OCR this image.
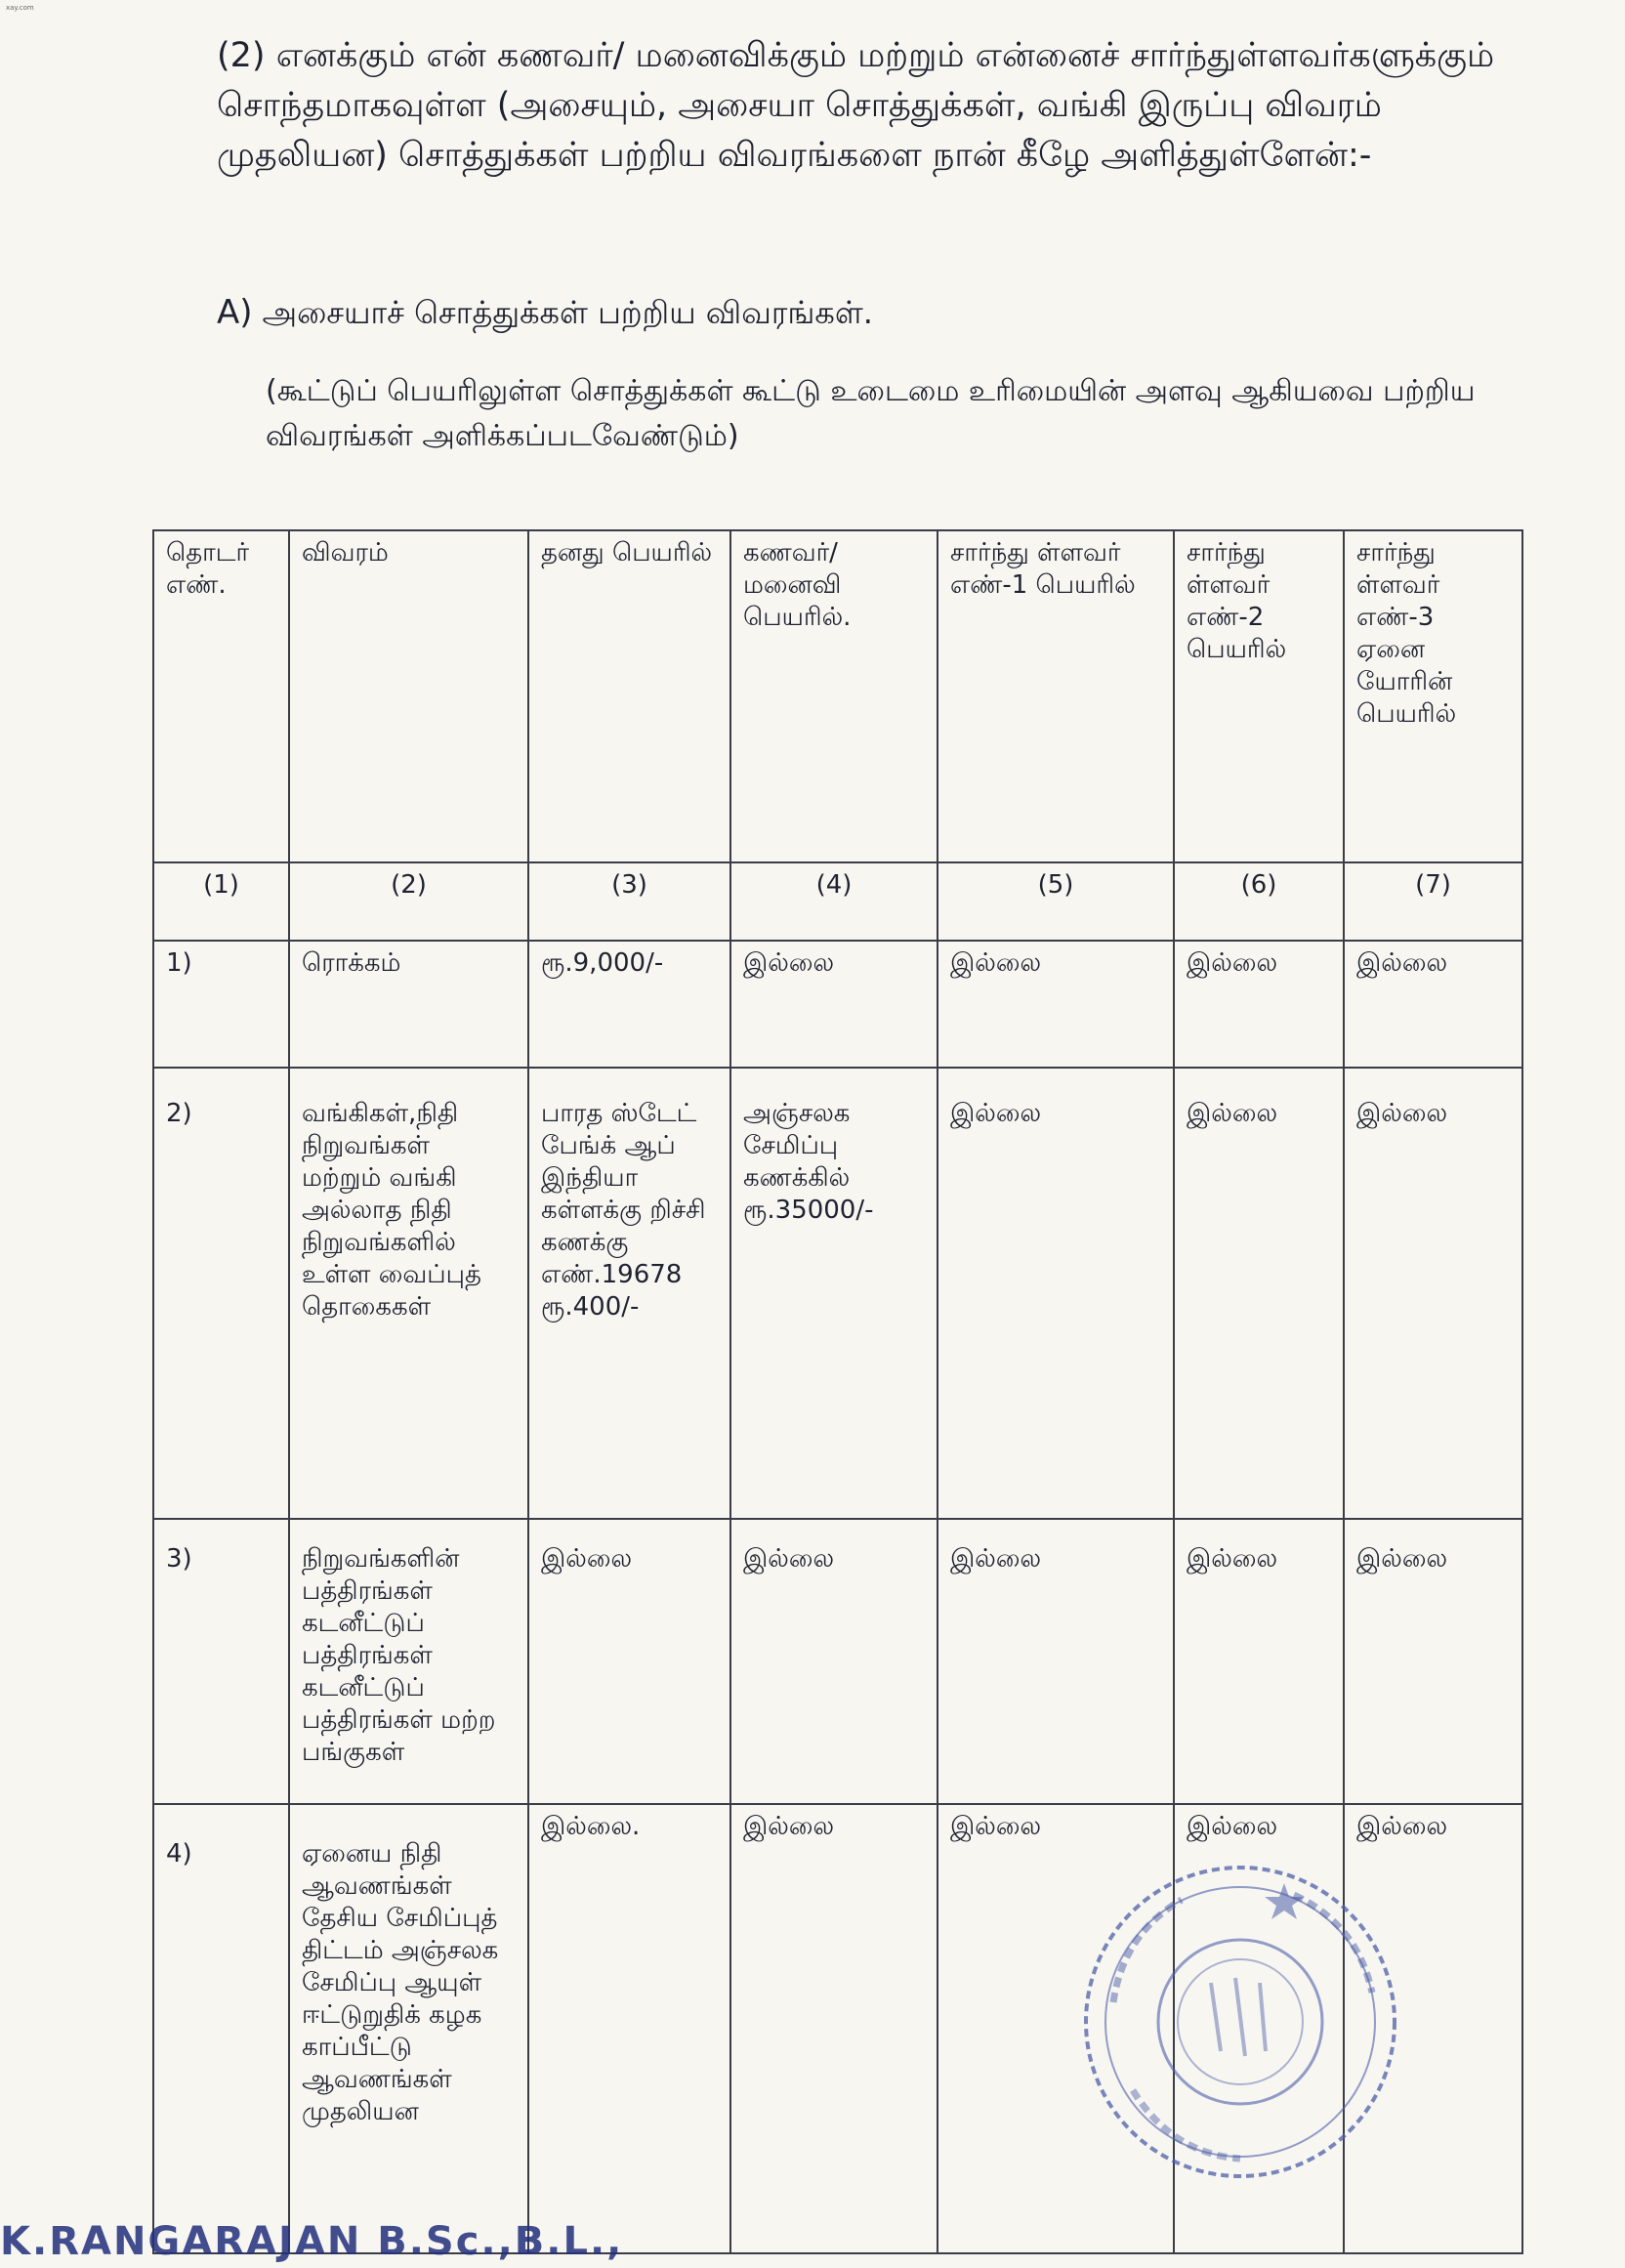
xay.com

(2) எனக்கும் என் கணவர்/ மனைவிக்கும் மற்றும் என்னைச் சார்ந்துள்ளவர்களுக்கும் சொந்தமாகவுள்ள (அசையும், அசையா சொத்துக்கள், வங்கி இருப்பு விவரம் முதலியன) சொத்துக்கள் பற்றிய விவரங்களை நான் கீழே அளித்துள்ளேன்:-

A) அசையாச் சொத்துக்கள் பற்றிய விவரங்கள்.

(கூட்டுப் பெயரிலுள்ள சொத்துக்கள் கூட்டு உடைமை உரிமையின் அளவு ஆகியவை பற்றிய விவரங்கள் அளிக்கப்படவேண்டும்)

தொடர் எண்.	விவரம்	தனது பெயரில்	கணவர்/ மனைவி பெயரில்.	சார்ந்து ள்ளவர் எண்-1 பெயரில்	சார்ந்து ள்ளவர் எண்-2 பெயரில்	சார்ந்து ள்ளவர் எண்-3 ஏனை யோரின் பெயரில்
(1)	(2)	(3)	(4)	(5)	(6)	(7)
1)	ரொக்கம்	ரூ.9,000/-	இல்லை	இல்லை	இல்லை	இல்லை
2)	வங்கிகள்,நிதி நிறுவங்கள் மற்றும் வங்கி அல்லாத நிதி நிறுவங்களில் உள்ள வைப்புத் தொகைகள்	பாரத ஸ்டேட் பேங்க் ஆப் இந்தியா கள்ளக்கு றிச்சி கணக்கு எண்.19678 ரூ.400/-	அஞ்சலக சேமிப்பு கணக்கில் ரூ.35000/-	இல்லை	இல்லை	இல்லை
3)	நிறுவங்களின் பத்திரங்கள் கடனீட்டுப் பத்திரங்கள் கடனீட்டுப் பத்திரங்கள் மற்ற பங்குகள்	இல்லை	இல்லை	இல்லை	இல்லை	இல்லை
4)	ஏனைய நிதி ஆவணங்கள் தேசிய சேமிப்புத் திட்டம் அஞ்சலக சேமிப்பு ஆயுள் ஈட்டுறுதிக் கழக காப்பீட்டு ஆவணங்கள் முதலியன	இல்லை.	இல்லை	இல்லை	இல்லை	இல்லை
K.RANGARAJAN B.Sc.,B.L.,
